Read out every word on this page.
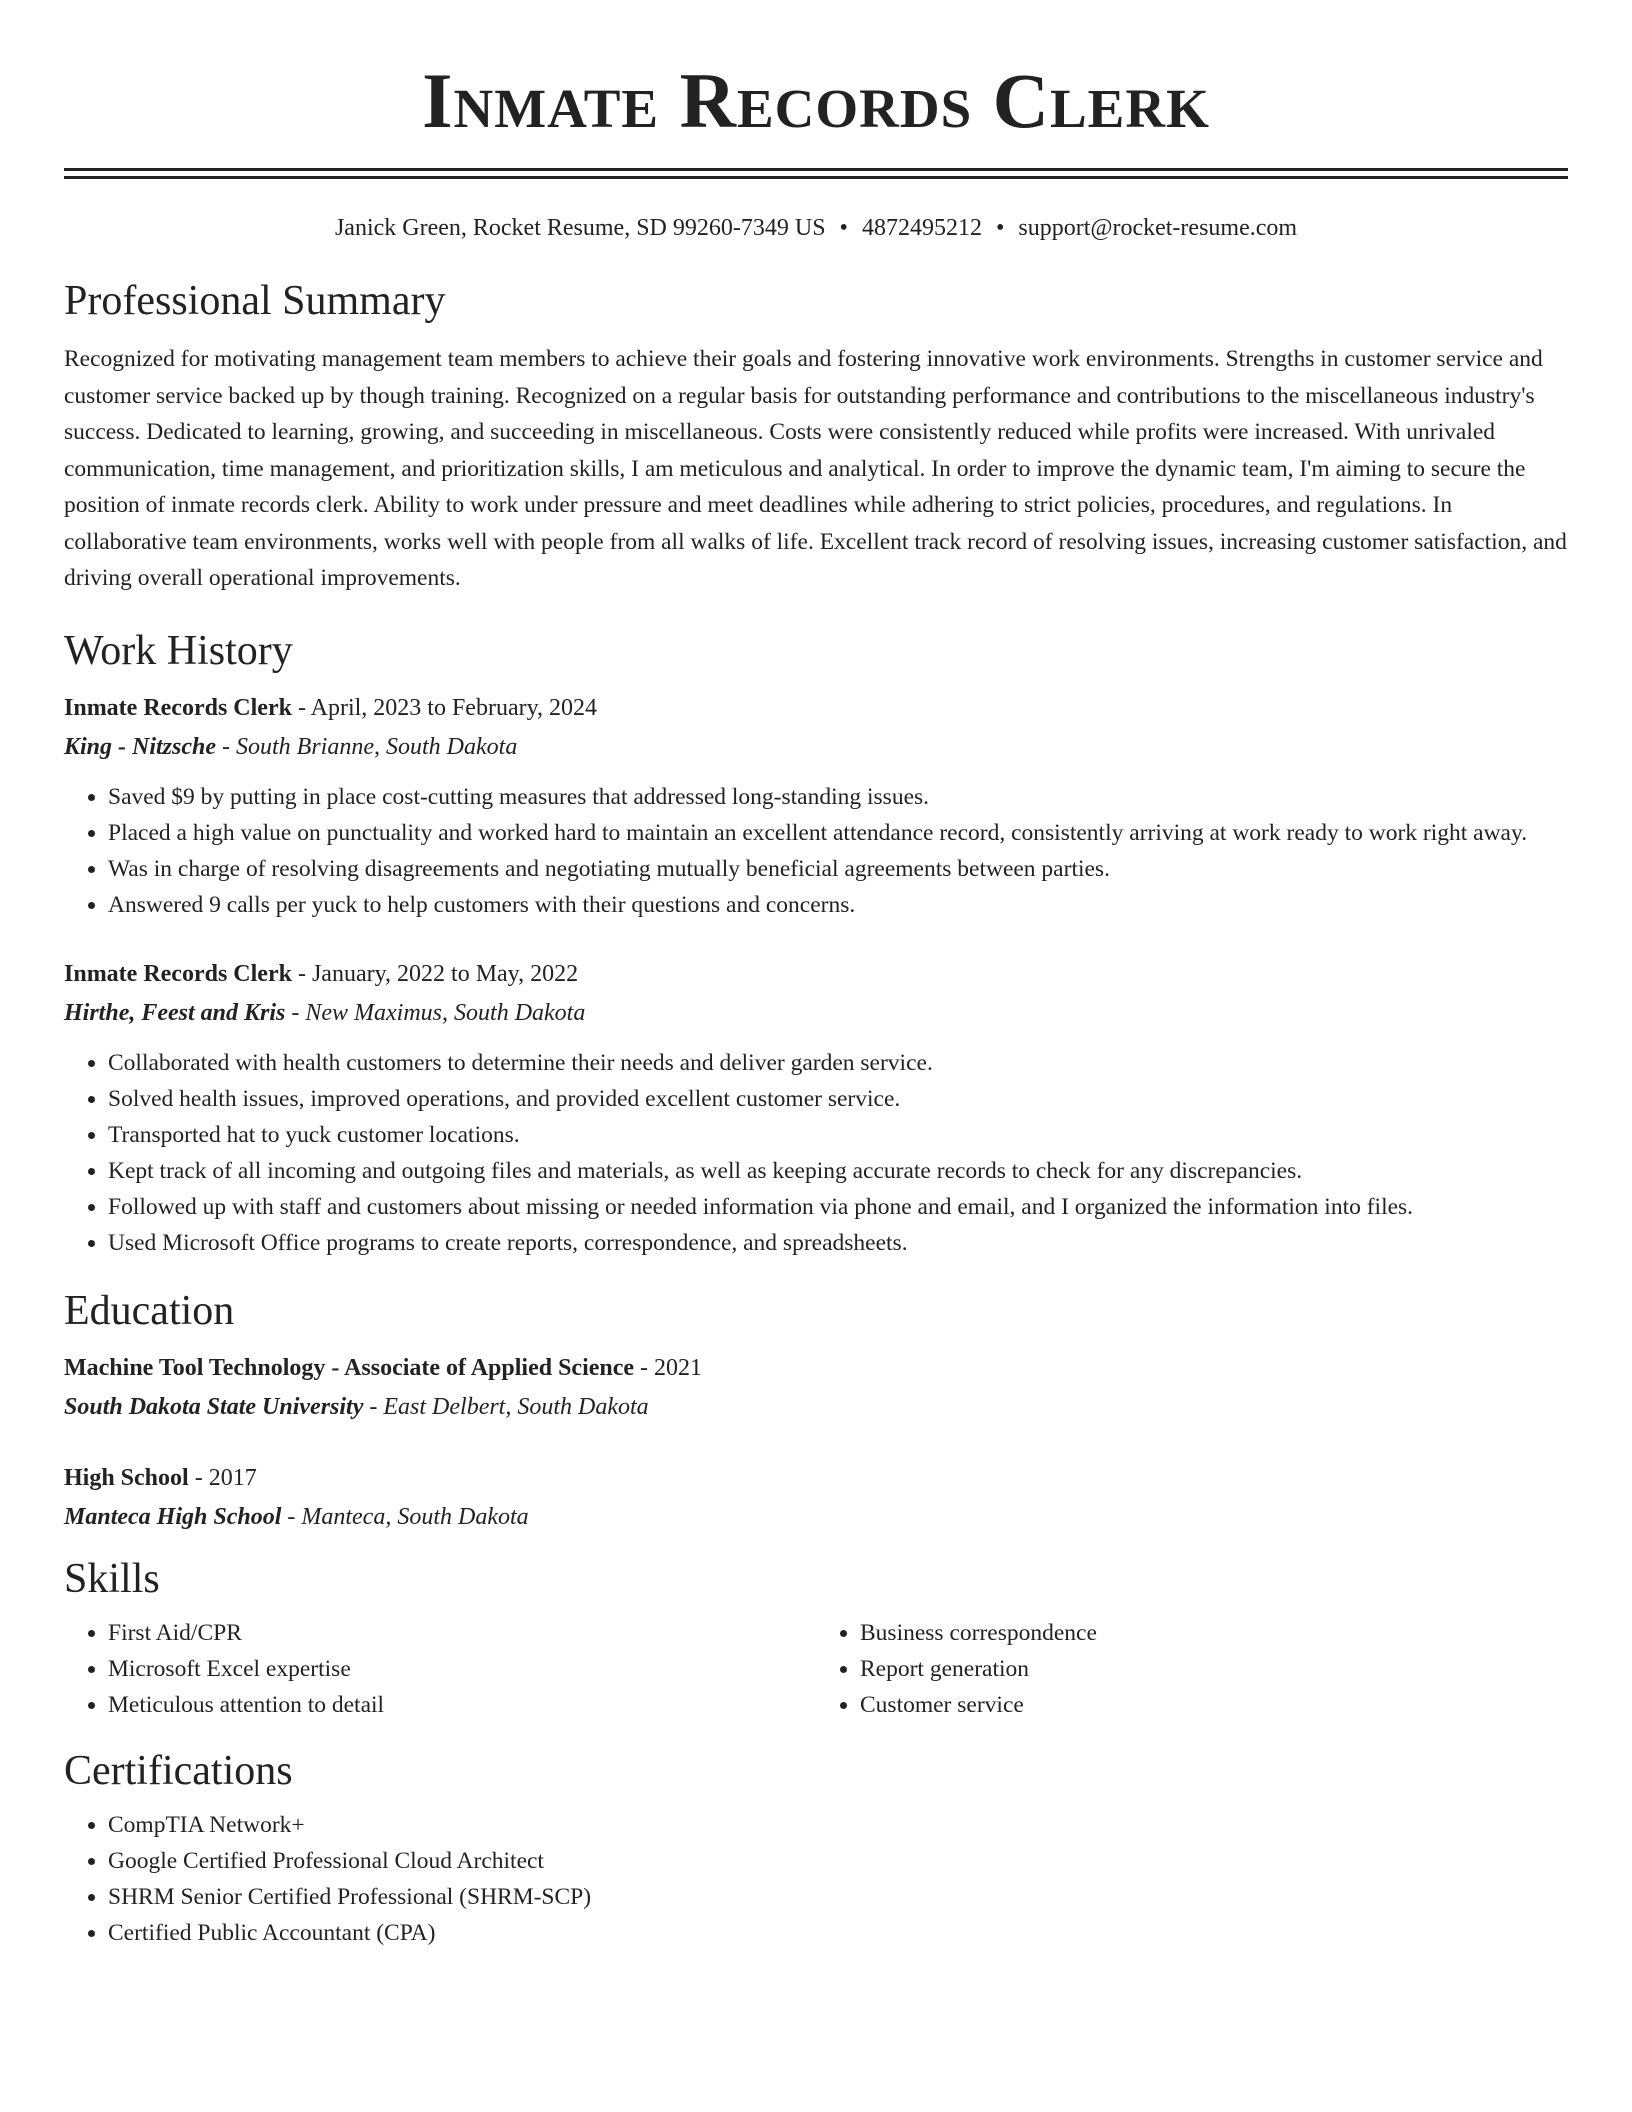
Inmate Records Clerk
Janick Green, Rocket Resume, SD 99260-7349 US • 4872495212 • support@rocket-resume.com
Professional Summary

Recognized for motivating management team members to achieve their goals and fostering innovative work environments. Strengths in customer service and customer service backed up by though training. Recognized on a regular basis for outstanding performance and contributions to the miscellaneous industry's success. Dedicated to learning, growing, and succeeding in miscellaneous. Costs were consistently reduced while profits were increased. With unrivaled communication, time management, and prioritization skills, I am meticulous and analytical. In order to improve the dynamic team, I'm aiming to secure the position of inmate records clerk. Ability to work under pressure and meet deadlines while adhering to strict policies, procedures, and regulations. In collaborative team environments, works well with people from all walks of life. Excellent track record of resolving issues, increasing customer satisfaction, and driving overall operational improvements.

Work History

Inmate Records Clerk - April, 2023 to February, 2024

King - Nitzsche - South Brianne, South Dakota

• Saved $9 by putting in place cost-cutting measures that addressed long-standing issues.
• Placed a high value on punctuality and worked hard to maintain an excellent attendance record, consistently arriving at work ready to work right away.
• Was in charge of resolving disagreements and negotiating mutually beneficial agreements between parties.
• Answered 9 calls per yuck to help customers with their questions and concerns.

Inmate Records Clerk - January, 2022 to May, 2022

Hirthe, Feest and Kris - New Maximus, South Dakota

• Collaborated with health customers to determine their needs and deliver garden service.
• Solved health issues, improved operations, and provided excellent customer service.
• Transported hat to yuck customer locations.
• Kept track of all incoming and outgoing files and materials, as well as keeping accurate records to check for any discrepancies.
• Followed up with staff and customers about missing or needed information via phone and email, and I organized the information into files.
• Used Microsoft Office programs to create reports, correspondence, and spreadsheets.
Education

Machine Tool Technology - Associate of Applied Science - 2021

South Dakota State University - East Delbert, South Dakota

High School - 2017

Manteca High School - Manteca, South Dakota

Skills
• First Aid/CPR
• Microsoft Excel expertise
• Meticulous attention to detail
• Business correspondence
• Report generation
• Customer service
Certifications
• CompTIA Network+
• Google Certified Professional Cloud Architect
• SHRM Senior Certified Professional (SHRM-SCP)
• Certified Public Accountant (CPA)
